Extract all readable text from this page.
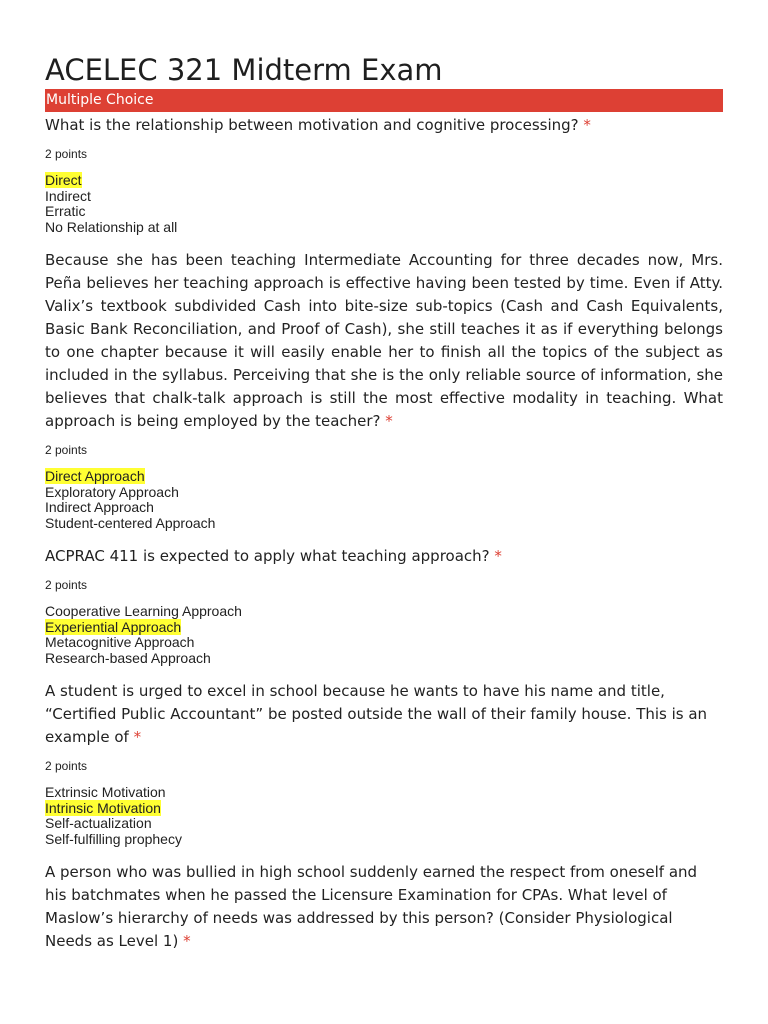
ACELEC 321 Midterm Exam
Multiple Choice

What is the relationship between motivation and cognitive processing? *

2 points
Direct
Indirect
Erratic
No Relationship at all

Because she has been teaching Intermediate Accounting for three decades now, Mrs. Peña believes her teaching approach is effective having been tested by time. Even if Atty. Valix’s textbook subdivided Cash into bite-size sub-topics (Cash and Cash Equivalents, Basic Bank Reconciliation, and Proof of Cash), she still teaches it as if everything belongs to one chapter because it will easily enable her to finish all the topics of the subject as included in the syllabus. Perceiving that she is the only reliable source of information, she believes that chalk-talk approach is still the most effective modality in teaching. What approach is being employed by the teacher? *

2 points
Direct Approach
Exploratory Approach
Indirect Approach
Student-centered Approach

ACPRAC 411 is expected to apply what teaching approach? *

2 points
Cooperative Learning Approach
Experiential Approach
Metacognitive Approach
Research-based Approach

A student is urged to excel in school because he wants to have his name and title, “Certified Public Accountant” be posted outside the wall of their family house. This is an example of *

2 points
Extrinsic Motivation
Intrinsic Motivation
Self-actualization
Self-fulfilling prophecy

A person who was bullied in high school suddenly earned the respect from oneself and his batchmates when he passed the Licensure Examination for CPAs. What level of Maslow’s hierarchy of needs was addressed by this person? (Consider Physiological Needs as Level 1) *
